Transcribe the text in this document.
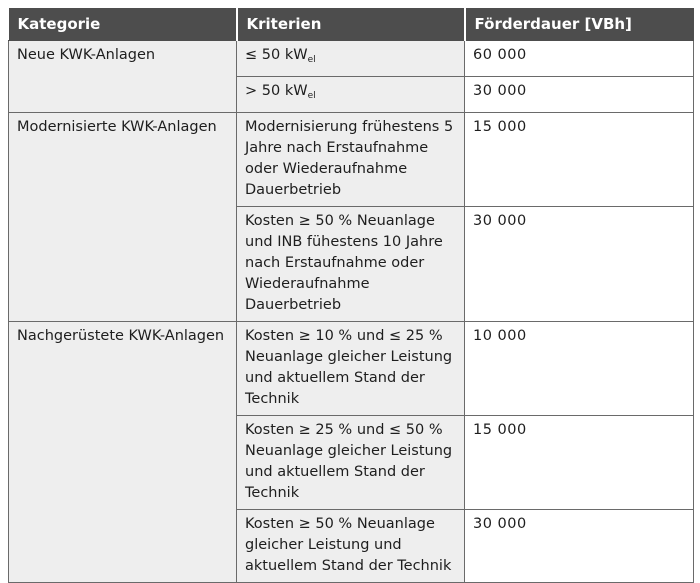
Kategorie	Kriterien	Förderdauer [VBh]
Neue KWK-Anlagen	≤ 50 $kW_{el}$	60 000
	> 50 $kW_{el}$	30 000
Modernisierte KWK-Anlagen	Modernisierung frühestens 5 Jahre nach Erstaufnahme oder Wiederaufnahme Dauerbetrieb	15 000
	Kosten ≥ 50 % Neuanlage und INB fühestens 10 Jahre nach Erstaufnahme oder Wiederaufnahme Dauerbetrieb	30 000
Nachgerüstete KWK-Anlagen	Kosten ≥ 10 % und ≤ 25 % Neuanlage gleicher Leistung und aktuellem Stand der Technik	10 000
	Kosten ≥ 25 % und ≤ 50 % Neuanlage gleicher Leistung und aktuellem Stand der Technik	15 000
	Kosten ≥ 50 % Neuanlage gleicher Leistung und aktuellem Stand der Technik	30 000
